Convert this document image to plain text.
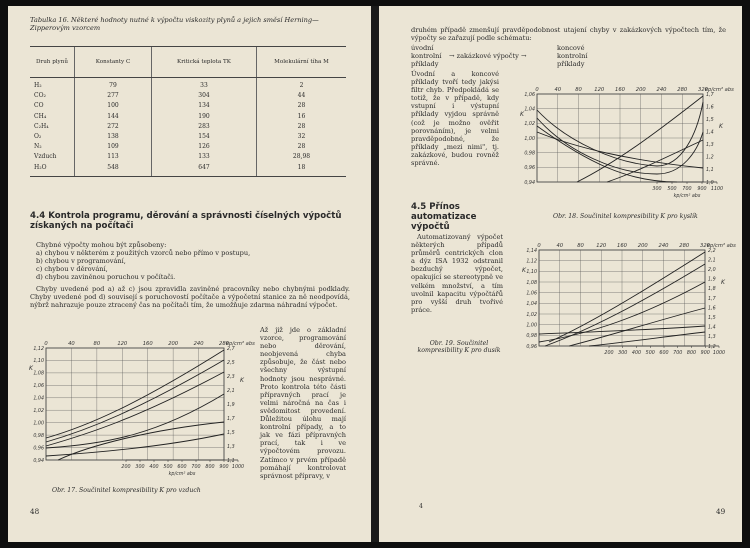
Tabulka 16. Některé hodnoty nutné k výpočtu viskozity plynů a jejich směsí Herning— Zipperovým vzorcem
Druh plynů	Konstanty C	Kritická teplota TK	Molekulární tíha M
H₂	79	33	2
CO₂	277	304	44
CO	100	134	28
CH₄	144	190	16
C₂H₄	272	283	28
O₂	138	154	32
N₂	109	126	28
Vzduch	113	133	28,98
H₂O	548	647	18
4.4 Kontrola programu, děrování a správnosti číselných výpočtů získaných na počítači

Chybné výpočty mohou být způsobeny:

a) chybou v některém z použitých vzorců nebo přímo v postupu,

b) chybou v programování,

c) chybou v děrování,

d) chybou zaviněnou poruchou v počítači.

Chyby uvedené pod a) až c) jsou zpravidla zaviněné pracovníky nebo chybnými podklady. Chyby uvedené pod d) souvisejí s poruchovostí počítače a výpočetní stanice za ně neodpovídá, nýbrž nahrazuje pouze ztracený čas na počítači tím, že umožňuje zdarma náhradní výpočet.
0	40	80	120	160	200	240	280
kp/cm² abs
1,12
1,10
1,08
1,06
1,04
1,02
1,00
0,98
0,96
0,94
2,7
2,5
2,3
2,1
1,9
1,7
1,5
1,3
1,1
K
K
200 300 400 500 600 700 800 900 1000
kp/cm² abs
Obr. 17. Součinitel kompresibility K pro vzduch
Až již jde o základní vzorce, programování nebo děrování, neobjevená chyba způsobuje, že část nebo všechny výstupní hodnoty jsou nesprávné. Proto kontrola této části přípravných prací je velmi náročná na čas i svědomitost provedení. Důležitou úlohu mají kontrolní případy, a to jak ve fázi přípravných prací, tak i ve výpočtovém provozu. Zatímco v prvém případě pomáhají kontrolovat správnost přípravy, v
48
druhém případě zmenšují pravděpodobnost utajení chyby v zakázkových výpočtech tím, že výpočty se zařazují podle schématu:

úvodní

kontrolní

příklady

→ zakázkové výpočty →

koncové

kontrolní

příklady

Úvodní a koncové příklady tvoří tedy jakýsi filtr chyb. Předpokládá se totiž, že v případě, kdy vstupní i výstupní příklady vyjdou správně (což je možno ověřit porovnáním), je velmi pravděpodobné, že příklady „mezi nimi", tj. zakázkové, budou rovněž správné.
0	40	80 120 160 200 240 280 320
kp/cm² abs
1,06
1,04
1,02
1,00
0,98
0,96
0,94
1,7
1,6
1,5
1,4
1,3
1,2
1,1
1,0
K
K
300 500 700 900 1100
kp/cm² abs
Obr. 18. Součinitel kompresibility K pro kyslík
4.5 Přínos automatizace výpočtů
Automatizovaný výpočet některých případů průměrů centrických clon a dýz ISA 1932 odstranil bezduchý výpočet, opakující se stereotypně ve velkém množství, a tím uvolnil kapacitu výpočtářů pro vyšší druh tvořivé práce.
0	40	80 120 160 200 240 280 320
kp/cm² abs
1,14
1,12
1,10
1,08
1,06
1,04
1,02
1,00
0,98
0,96
2,2
2,1
2,0
1,9
1,8
1,7
1,6
1,5
1,4
1,3
1,2
K
K
200 300 400 500 600 700 800 900 1000
Obr. 19. Součinitel kompresibility K pro dusík
4
49
